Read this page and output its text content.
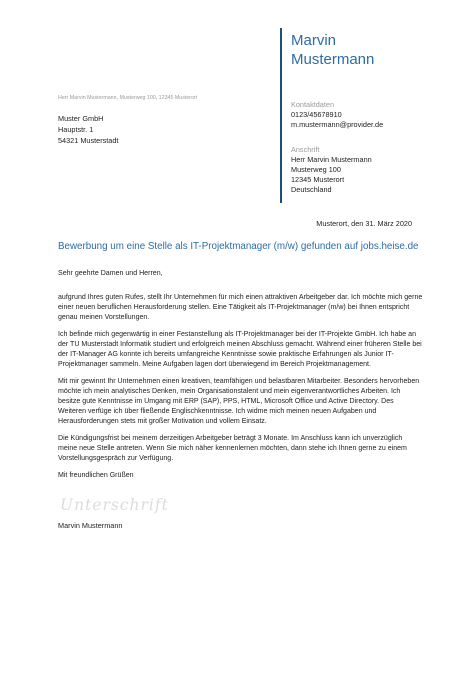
Marvin
Mustermann
Herr Marvin Mustermann, Musterweg 100, 12345 Musterort
Muster GmbH
Hauptstr. 1
54321 Musterstadt
Kontaktdaten
0123/45678910
m.mustermann@provider.de
Anschrift
Herr Marvin Mustermann
Musterweg 100
12345 Musterort
Deutschland
Musterort, den 31. März 2020
Bewerbung um eine Stelle als IT-Projektmanager (m/w) gefunden auf jobs.heise.de

Sehr geehrte Damen und Herren,

aufgrund Ihres guten Rufes, stellt Ihr Unternehmen für mich einen attraktiven Arbeitgeber dar. Ich möchte mich gerne einer neuen beruflichen Herausforderung stellen. Eine Tätigkeit als IT-Projektmanager (m/w) bei Ihnen entspricht genau meinen Vorstellungen.

Ich befinde mich gegenwärtig in einer Festanstellung als IT-Projektmanager bei der IT-Projekte GmbH. Ich habe an der TU Musterstadt Informatik studiert und erfolgreich meinen Abschluss gemacht. Während einer früheren Stelle bei der IT-Manager AG konnte ich bereits umfangreiche Kenntnisse sowie praktische Erfahrungen als Junior IT-Projektmanager sammeln. Meine Aufgaben lagen dort überwiegend im Bereich Projektmanagement.

Mit mir gewinnt Ihr Unternehmen einen kreativen, teamfähigen und belastbaren Mitarbeiter. Besonders hervorheben möchte ich mein analytisches Denken, mein Organisationstalent und mein eigenverantwortliches Arbeiten. Ich besitze gute Kenntnisse im Umgang mit ERP (SAP), PPS, HTML, Microsoft Office und Active Directory. Des Weiteren verfüge ich über fließende Englischkenntnisse. Ich widme mich meinen neuen Aufgaben und Herausforderungen stets mit großer Motivation und vollem Einsatz.

Die Kündigungsfrist bei meinem derzeitigen Arbeitgeber beträgt 3 Monate. Im Anschluss kann ich unverzüglich meine neue Stelle antreten. Wenn Sie mich näher kennenlernen möchten, dann stehe ich Ihnen gerne zu einem Vorstellungsgespräch zur Verfügung.

Mit freundlichen Grüßen

Unterschrift
Marvin Mustermann
